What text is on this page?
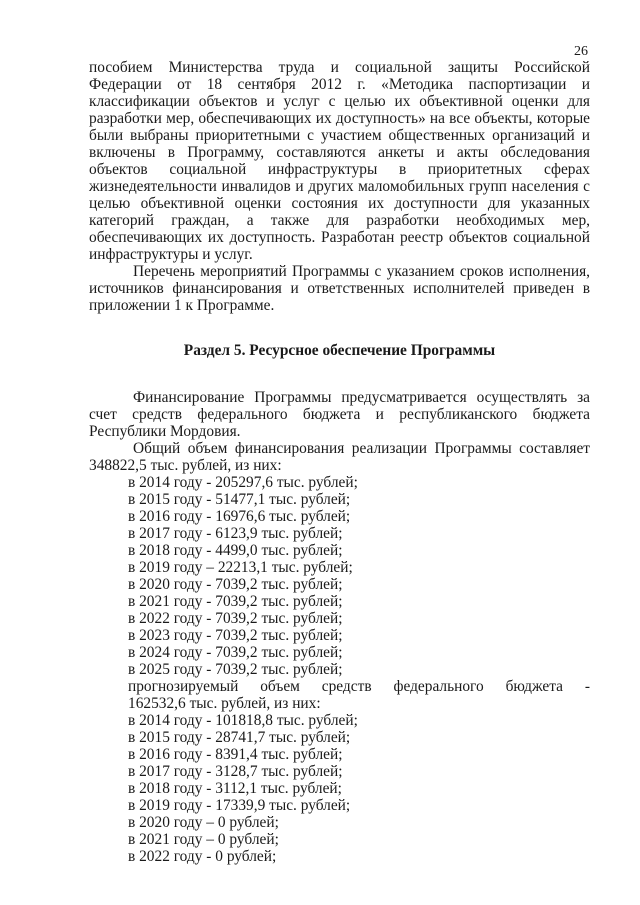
26

пособием Министерства труда и социальной защиты Российской Федерации от 18 сентября 2012 г. «Методика паспортизации и классификации объектов и услуг с целью их объективной оценки для разработки мер, обеспечивающих их доступность» на все объекты, которые были выбраны приоритетными с участием общественных организаций и включены в Программу, составляются анкеты и акты обследования объектов социальной инфраструктуры в приоритетных сферах жизнедеятельности инвалидов и других маломобильных групп населения с целью объективной оценки состояния их доступности для указанных категорий граждан, а также для разработки необходимых мер, обеспечивающих их доступность. Разработан реестр объектов социальной инфраструктуры и услуг.

Перечень мероприятий Программы с указанием сроков исполнения, источников финансирования и ответственных исполнителей приведен в приложении 1 к Программе.

Раздел 5. Ресурсное обеспечение Программы

Финансирование Программы предусматривается осуществлять за счет средств федерального бюджета и республиканского бюджета Республики Мордовия.

Общий объем финансирования реализации Программы составляет 348822,5 тыс. рублей, из них:

в 2014 году - 205297,6 тыс. рублей;

в 2015 году - 51477,1 тыс. рублей;

в 2016 году - 16976,6 тыс. рублей;

в 2017 году - 6123,9 тыс. рублей;

в 2018 году - 4499,0 тыс. рублей;

в 2019 году – 22213,1 тыс. рублей;

в 2020 году - 7039,2 тыс. рублей;

в 2021 году - 7039,2 тыс. рублей;

в 2022 году - 7039,2 тыс. рублей;

в 2023 году - 7039,2 тыс. рублей;

в 2024 году - 7039,2 тыс. рублей;

в 2025 году - 7039,2 тыс. рублей;

прогнозируемый объем средств федерального бюджета -

162532,6 тыс. рублей, из них:

в 2014 году - 101818,8 тыс. рублей;

в 2015 году - 28741,7 тыс. рублей;

в 2016 году - 8391,4 тыс. рублей;

в 2017 году - 3128,7 тыс. рублей;

в 2018 году - 3112,1 тыс. рублей;

в 2019 году - 17339,9 тыс. рублей;

в 2020 году – 0 рублей;

в 2021 году – 0 рублей;

в 2022 году - 0 рублей;
